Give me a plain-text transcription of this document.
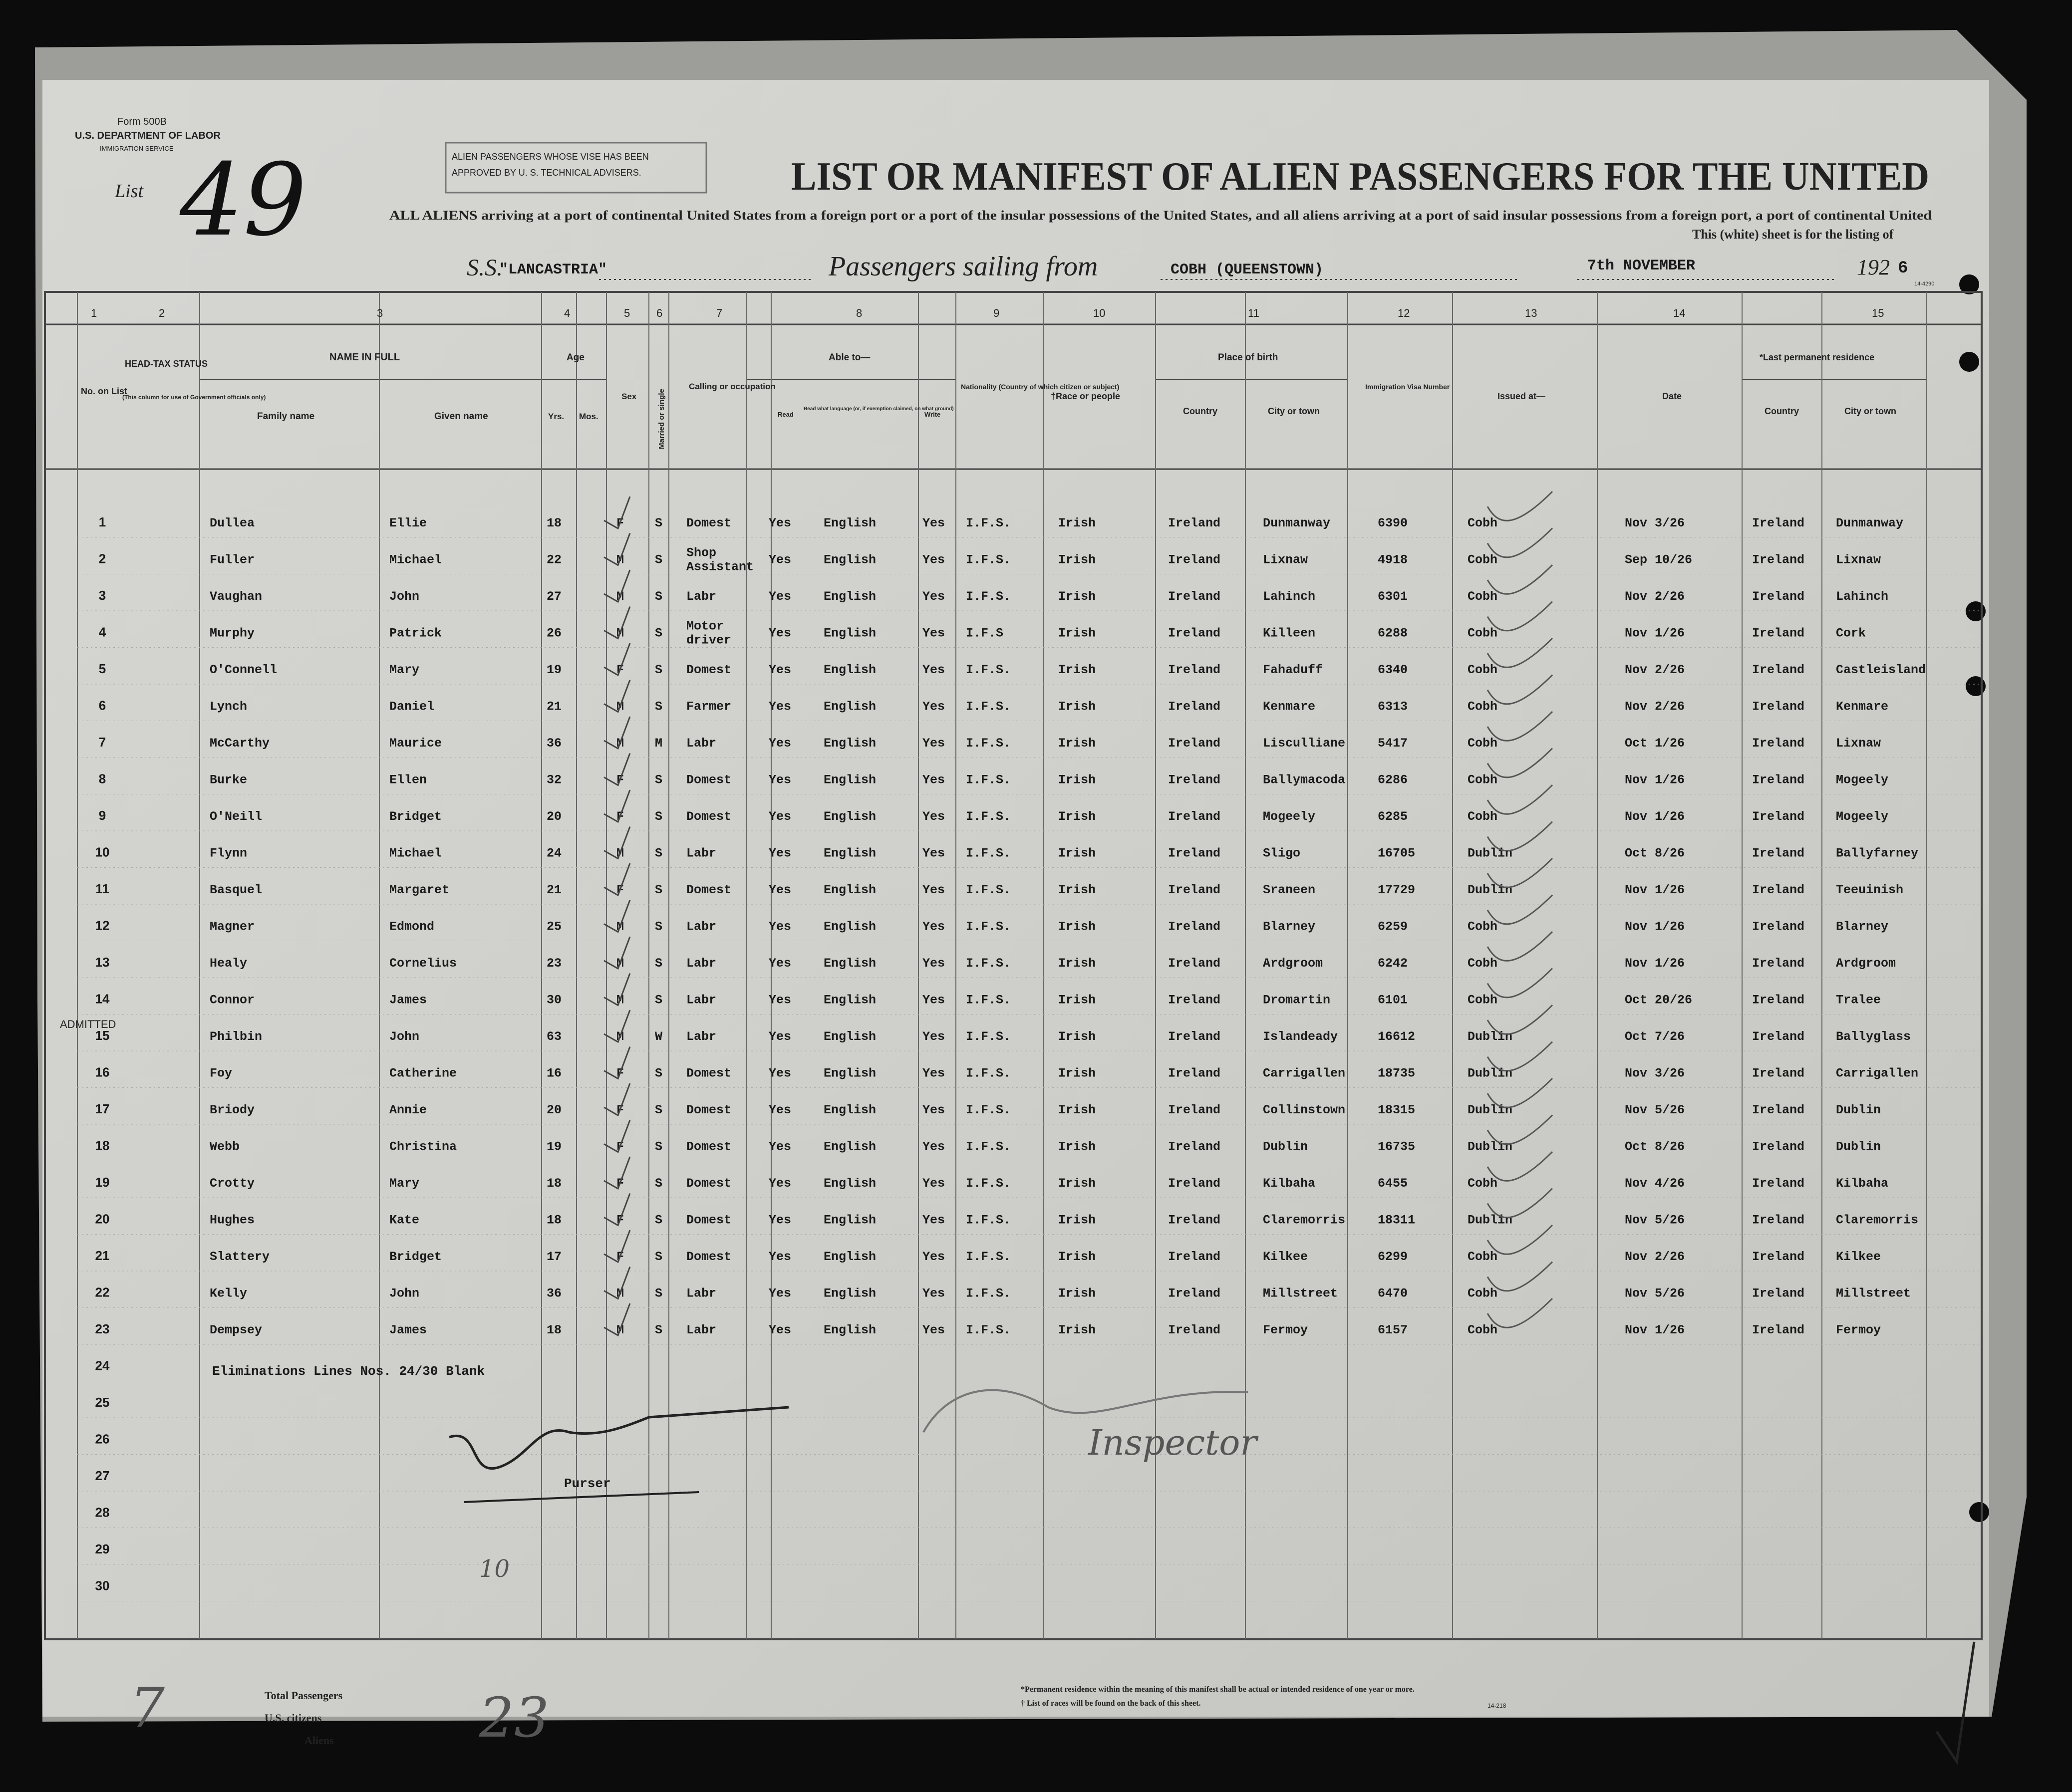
Form 500B
U.S. DEPARTMENT OF LABOR
IMMIGRATION SERVICE
List 49	ALIEN PASSENGERS WHOSE VISE HAS BEEN
APPROVED BY U. S. TECHNICAL ADVISERS.	LIST OR MANIFEST OF ALIEN PASSENGERS FOR THE UNITED
ALL ALIENS arriving at a port of continental United States from a foreign port or a port of the insular possessions of the United States, and all aliens arriving at a port of said insular possessions from a foreign port, a port of continental United
This (white) sheet is for the listing of
S.S.
"LANCASTRIA"	Passengers sailing from	COBH (QUEENSTOWN)	7th NOVEMBER	192 6
14-4290
1	2	3	4	5 6	7	8	9	10	11	12	13	14	15
No. on List
HEAD-TAX STATUS
(This column for use of Government officials only)
NAME IN FULL
Family name	Given name
Age
Yrs. Mos.
Sex	Married or single
Calling or occupation
Able to—
Read
Read what language (or, if exemption claimed, on what ground)
Write
Nationality (Country of which citizen or subject)
†Race or people
Place of birth
Country	City or town
Immigration Visa Number
Issued at—	Date
*Last permanent residence
Country	City or town
1	Dullea	Ellie	18	F S Domest	Yes	English	Yes I.F.S.	Irish	Ireland	Dunmanway	6390	Cobh	Nov 3/26	Ireland	Dunmanway
2	Fuller	Michael	22	M S Shop Assistant Yes	English	Yes I.F.S.	Irish	Ireland	Lixnaw	4918	Cobh	Sep 10/26	Ireland	Lixnaw
3	Vaughan	John	27	M S Labr	Yes	English	Yes I.F.S.	Irish	Ireland	Lahinch	6301	Cobh	Nov 2/26	Ireland	Lahinch
4	Murphy	Patrick	26	M S Motor driver	Yes	English	Yes I.F.S	Irish	Ireland	Killeen	6288	Cobh	Nov 1/26	Ireland	Cork
5	O'Connell	Mary	19	F S Domest	Yes	English	Yes I.F.S.	Irish	Ireland	Fahaduff	6340	Cobh	Nov 2/26	Ireland	Castleisland
6	Lynch	Daniel	21	M S Farmer	Yes	English	Yes I.F.S.	Irish	Ireland	Kenmare	6313	Cobh	Nov 2/26	Ireland	Kenmare
7	McCarthy	Maurice	36	M M Labr	Yes	English	Yes I.F.S.	Irish	Ireland	Lisculliane	5417	Cobh	Oct 1/26	Ireland	Lixnaw
8	Burke	Ellen	32	F S Domest	Yes	English	Yes I.F.S.	Irish	Ireland	Ballymacoda	6286	Cobh	Nov 1/26	Ireland	Mogeely
9	O'Neill	Bridget	20	F S Domest	Yes	English	Yes I.F.S.	Irish	Ireland	Mogeely	6285	Cobh	Nov 1/26	Ireland	Mogeely
10	Flynn	Michael	24	M S Labr	Yes	English	Yes I.F.S.	Irish	Ireland	Sligo	16705	Dublin	Oct 8/26	Ireland	Ballyfarney
11	Basquel	Margaret	21	F S Domest	Yes	English	Yes I.F.S.	Irish	Ireland	Sraneen	17729	Dublin	Nov 1/26	Ireland	Teeuinish
12	Magner	Edmond	25	M S Labr	Yes	English	Yes I.F.S.	Irish	Ireland	Blarney	6259	Cobh	Nov 1/26	Ireland	Blarney
13	Healy	Cornelius	23	M S Labr	Yes	English	Yes I.F.S.	Irish	Ireland	Ardgroom	6242	Cobh	Nov 1/26	Ireland	Ardgroom
14	Connor	James	30	M S Labr	Yes	English	Yes I.F.S.	Irish	Ireland	Dromartin	6101	Cobh	Oct 20/26	Ireland	Tralee
15	Philbin	John	63	M W Labr	Yes	English	Yes I.F.S.	Irish	Ireland	Islandeady	16612	Dublin	Oct 7/26	Ireland	Ballyglass
16	Foy	Catherine	16	F S Domest	Yes	English	Yes I.F.S.	Irish	Ireland	Carrigallen	18735	Dublin	Nov 3/26	Ireland	Carrigallen
17	Briody	Annie	20	F S Domest	Yes	English	Yes I.F.S.	Irish	Ireland	Collinstown	18315	Dublin	Nov 5/26	Ireland	Dublin
18	Webb	Christina	19	F S Domest	Yes	English	Yes I.F.S.	Irish	Ireland	Dublin	16735	Dublin	Oct 8/26	Ireland	Dublin
19	Crotty	Mary	18	F S Domest	Yes	English	Yes I.F.S.	Irish	Ireland	Kilbaha	6455	Cobh	Nov 4/26	Ireland	Kilbaha
20	Hughes	Kate	18	F S Domest	Yes	English	Yes I.F.S.	Irish	Ireland	Claremorris	18311	Dublin	Nov 5/26	Ireland	Claremorris
21	Slattery	Bridget	17	F S Domest	Yes	English	Yes I.F.S.	Irish	Ireland	Kilkee	6299	Cobh	Nov 2/26	Ireland	Kilkee
22	Kelly	John	36	M S Labr	Yes	English	Yes I.F.S.	Irish	Ireland	Millstreet	6470	Cobh	Nov 5/26	Ireland	Millstreet
23	Dempsey	James	18	M S Labr	Yes	English	Yes I.F.S.	Irish	Ireland	Fermoy	6157	Cobh	Nov 1/26	Ireland	Fermoy
24
25
26
27
28
29
30
Eliminations Lines Nos. 24/30 Blank
Purser
ADMITTED
Inspector
10
Total Passengers
U.S. citizens
Aliens	23
7	*Permanent residence within the meaning of this manifest shall be actual or intended residence of one year or more.
† List of races will be found on the back of this sheet.	14-218
